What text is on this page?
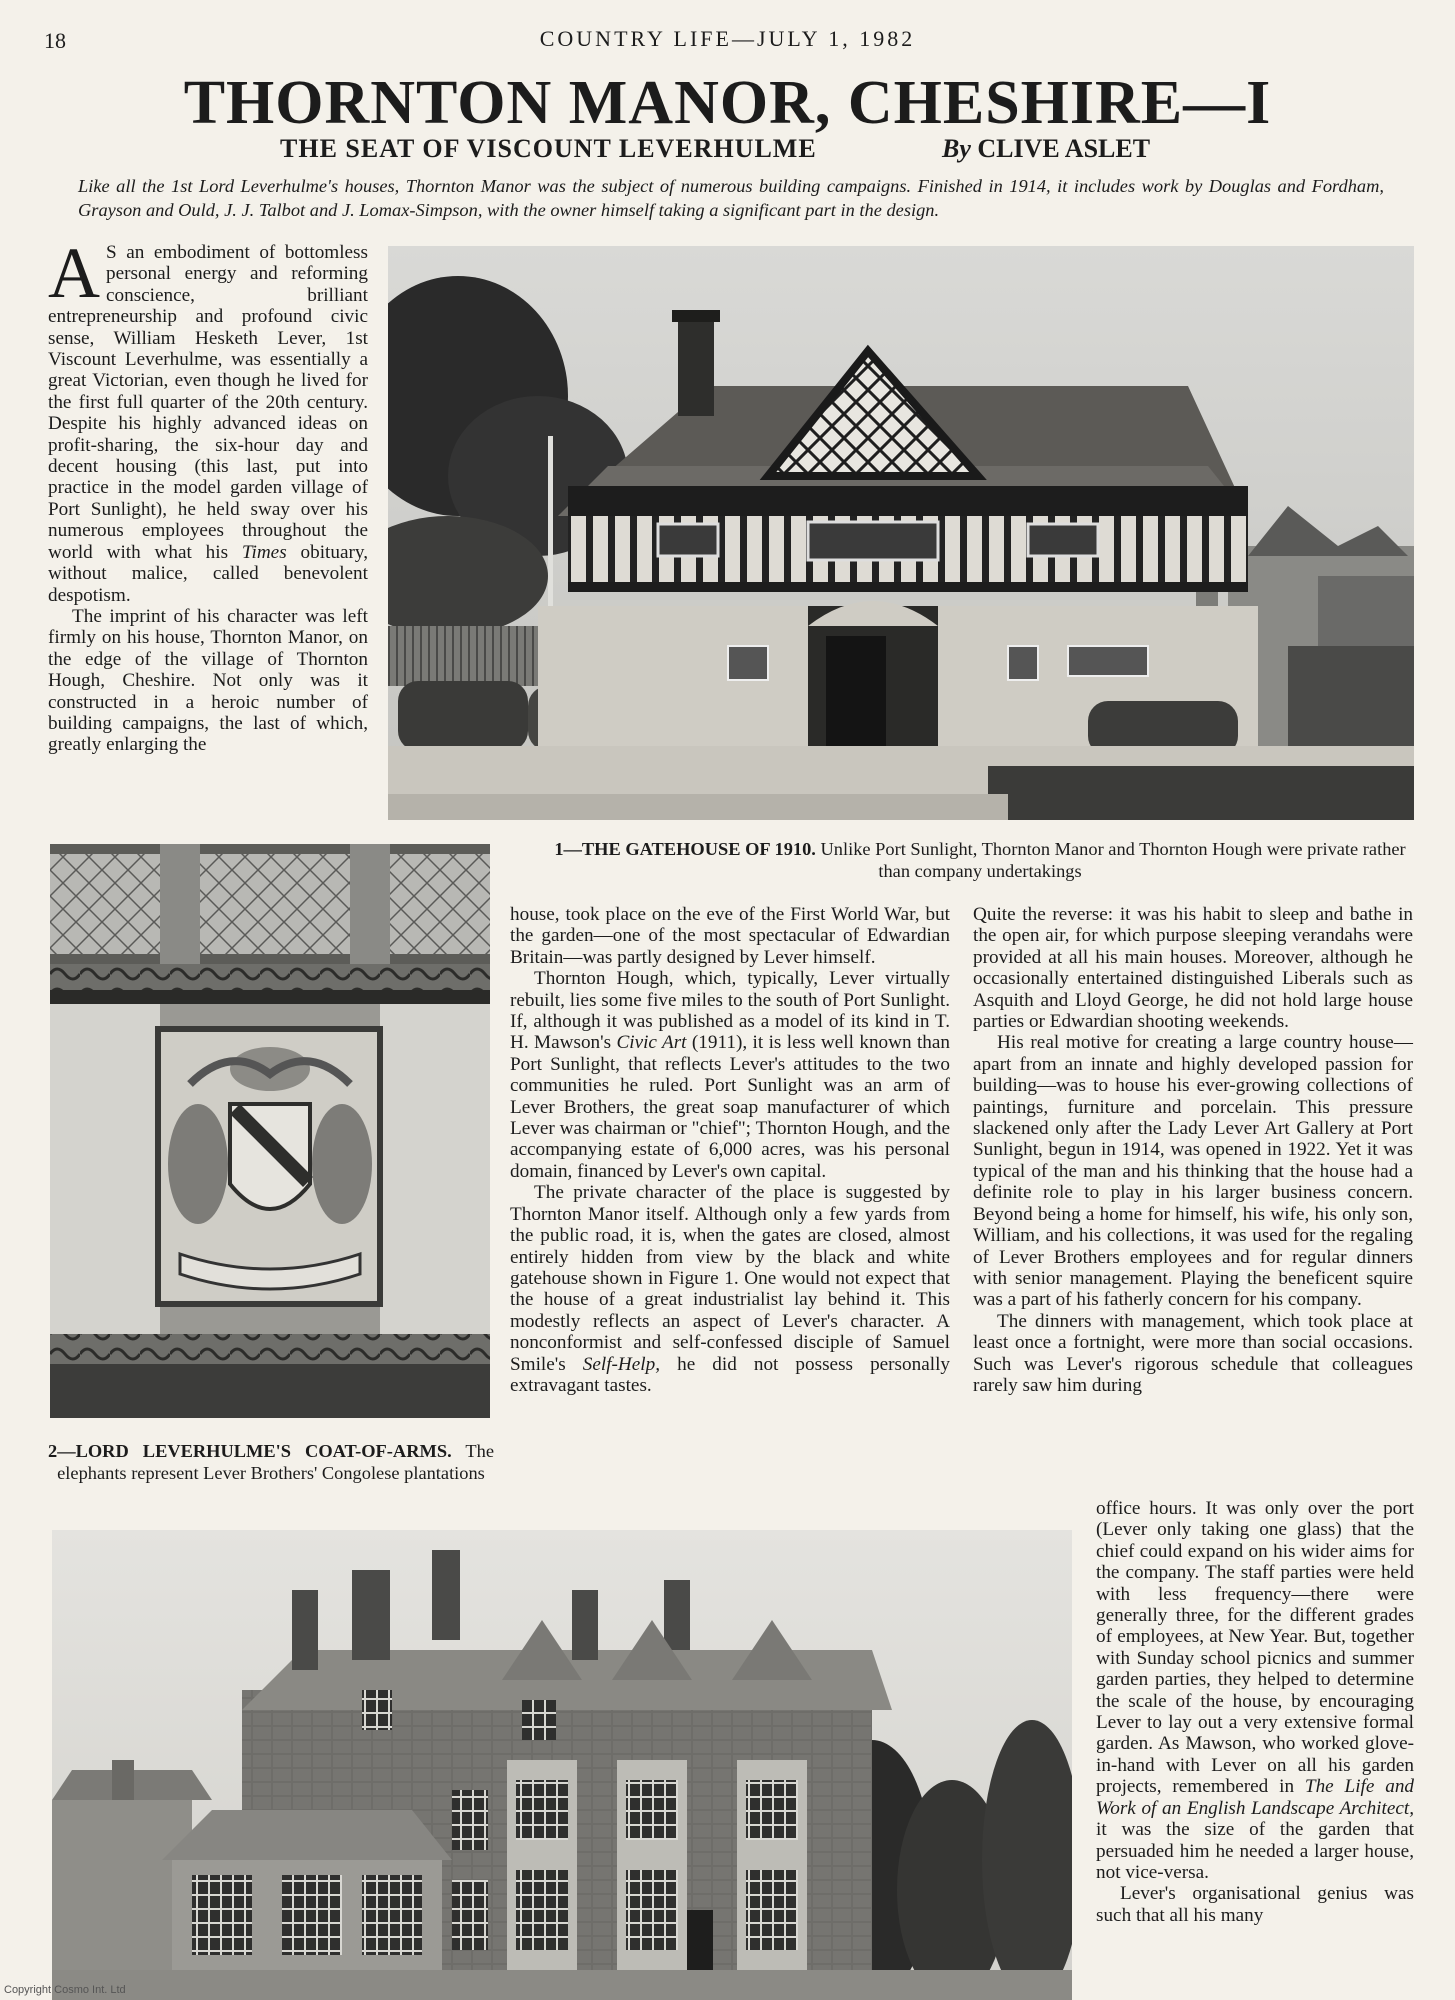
18	COUNTRY LIFE—JULY 1, 1982
THORNTON MANOR, CHESHIRE—I
THE SEAT OF VISCOUNT LEVERHULME	By CLIVE ASLET
Like all the 1st Lord Leverhulme's houses, Thornton Manor was the subject of numerous building campaigns. Finished in 1914, it includes work by Douglas and Fordham, Grayson and Ould, J. J. Talbot and J. Lomax-Simpson, with the owner himself taking a significant part in the design.

A S an embodiment of bottomless personal energy and reforming conscience, brilliant entrepreneurship and profound civic sense, William Hesketh Lever, 1st Viscount Leverhulme, was essentially a great Victorian, even though he lived for the first full quarter of the 20th century. Despite his highly advanced ideas on profit-sharing, the six-hour day and decent housing (this last, put into practice in the model garden village of Port Sunlight), he held sway over his numerous employees throughout the world with what his Times obituary, without malice, called benevolent despotism.

The imprint of his character was left firmly on his house, Thornton Manor, on the edge of the village of Thornton Hough, Cheshire. Not only was it constructed in a heroic number of building campaigns, the last of which, greatly enlarging the

1—THE GATEHOUSE OF 1910. Unlike Port Sunlight, Thornton Manor and Thornton Hough were private rather than company undertakings

house, took place on the eve of the First World War, but the garden—one of the most spectacular of Edwardian Britain—was partly designed by Lever himself.

Thornton Hough, which, typically, Lever virtually rebuilt, lies some five miles to the south of Port Sunlight. If, although it was published as a model of its kind in T. H. Mawson's Civic Art (1911), it is less well known than Port Sunlight, that reflects Lever's attitudes to the two communities he ruled. Port Sunlight was an arm of Lever Brothers, the great soap manufacturer of which Lever was chairman or "chief"; Thornton Hough, and the accompanying estate of 6,000 acres, was his personal domain, financed by Lever's own capital.

The private character of the place is suggested by Thornton Manor itself. Although only a few yards from the public road, it is, when the gates are closed, almost entirely hidden from view by the black and white gatehouse shown in Figure 1. One would not expect that the house of a great industrialist lay behind it. This modestly reflects an aspect of Lever's character. A nonconformist and self-confessed disciple of Samuel Smile's Self-Help, he did not possess personally extravagant tastes.

Quite the reverse: it was his habit to sleep and bathe in the open air, for which purpose sleeping verandahs were provided at all his main houses. Moreover, although he occasionally entertained distinguished Liberals such as Asquith and Lloyd George, he did not hold large house parties or Edwardian shooting weekends.

His real motive for creating a large country house—apart from an innate and highly developed passion for building—was to house his ever-growing collections of paintings, furniture and porcelain. This pressure slackened only after the Lady Lever Art Gallery at Port Sunlight, begun in 1914, was opened in 1922. Yet it was typical of the man and his thinking that the house had a definite role to play in his larger business concern. Beyond being a home for himself, his wife, his only son, William, and his collections, it was used for the regaling of Lever Brothers employees and for regular dinners with senior management. Playing the beneficent squire was a part of his fatherly concern for his company.

The dinners with management, which took place at least once a fortnight, were more than social occasions. Such was Lever's rigorous schedule that colleagues rarely saw him during

2—LORD LEVERHULME'S COAT-OF-ARMS. The elephants represent Lever Brothers' Congolese plantations

office hours. It was only over the port (Lever only taking one glass) that the chief could expand on his wider aims for the company. The staff parties were held with less frequency—there were generally three, for the different grades of employees, at New Year. But, together with Sunday school picnics and summer garden parties, they helped to determine the scale of the house, by encouraging Lever to lay out a very extensive formal garden. As Mawson, who worked glove-in-hand with Lever on all his garden projects, remembered in The Life and Work of an English Landscape Architect, it was the size of the garden that persuaded him he needed a larger house, not vice-versa.

Lever's organisational genius was such that all his many

Copyright Cosmo Int. Ltd
